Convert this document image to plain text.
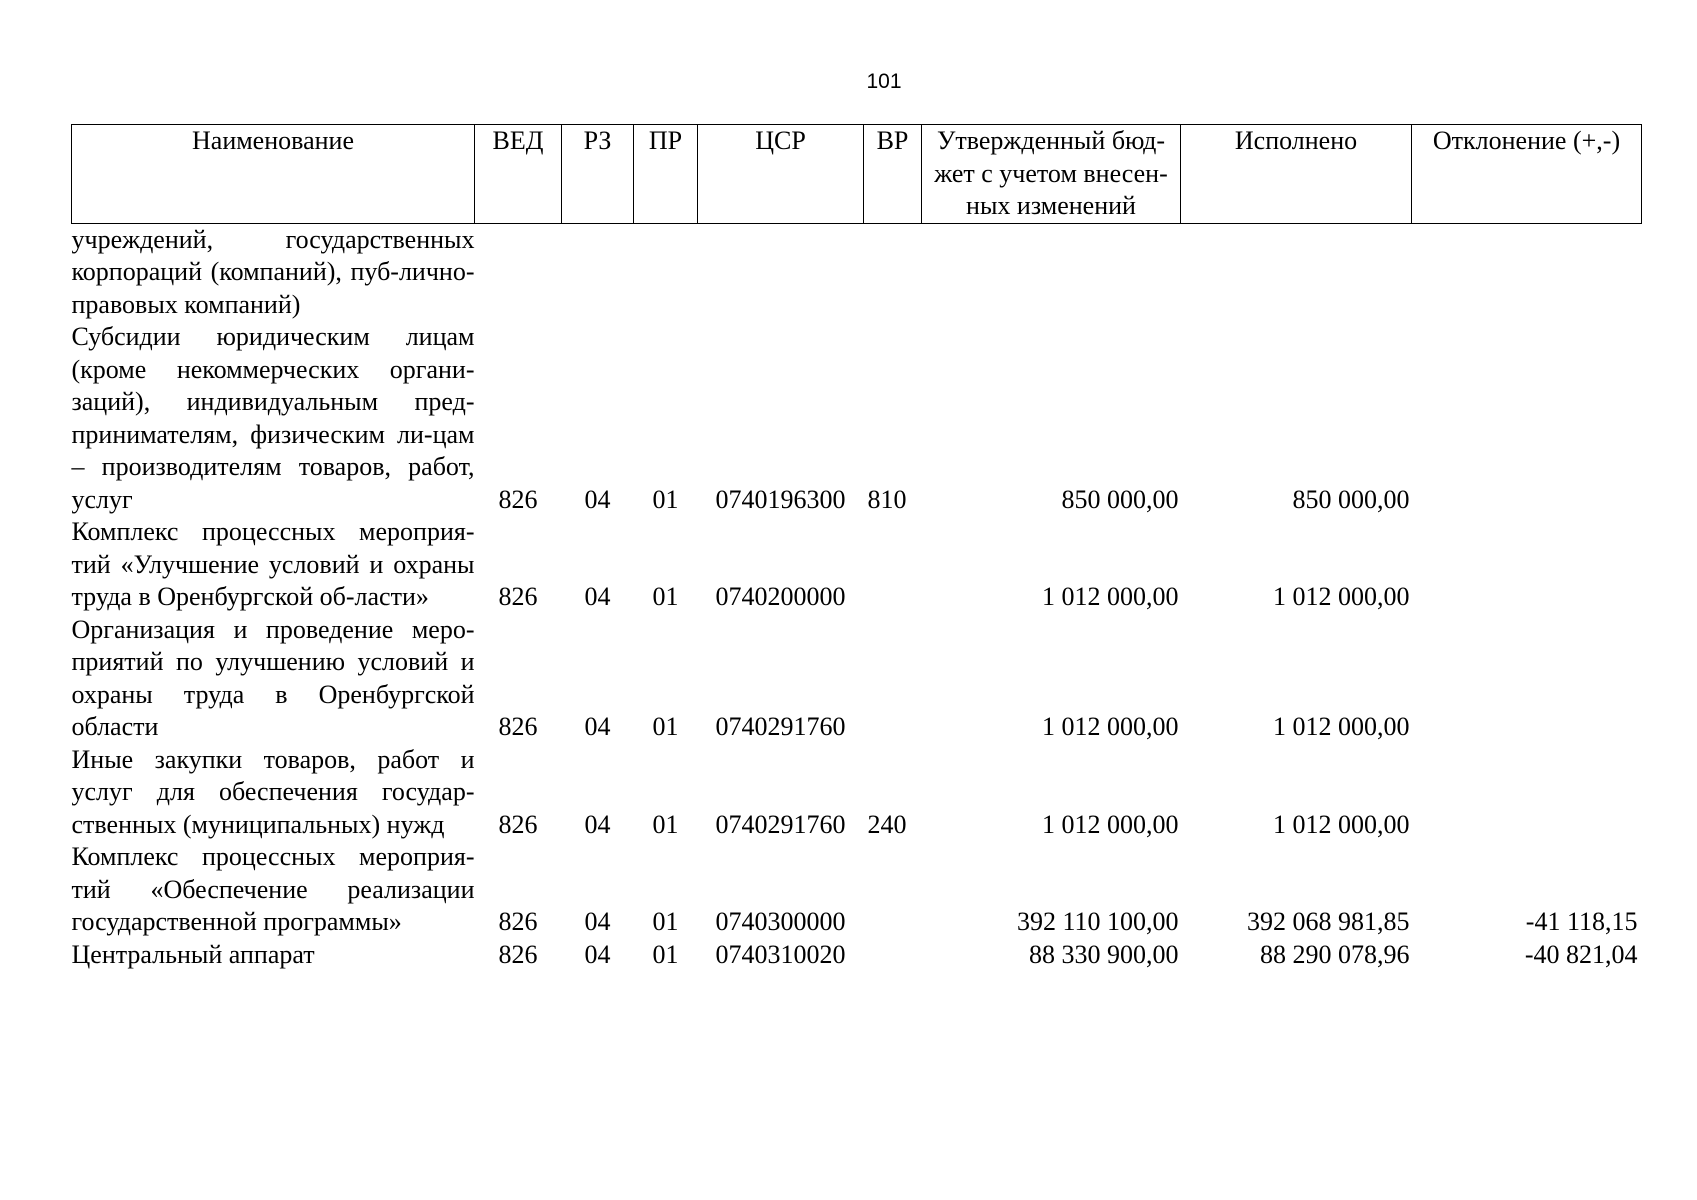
101
Наименование	ВЕД	РЗ	ПР	ЦСР	ВР	Утвержденный бюд-жет с учетом внесен-ных изменений	Исполнено	Отклонение (+,-)
учреждений, государственных корпораций (компаний), пуб-лично-правовых компаний)								
Субсидии юридическим лицам (кроме некоммерческих органи-заций), индивидуальным пред-принимателям, физическим ли-цам – производителям товаров, работ, услуг	826	04	01	0740196300	810	850 000,00	850 000,00	
Комплекс процессных мероприя-тий «Улучшение условий и охраны труда в Оренбургской об-ласти»	826	04	01	0740200000		1 012 000,00	1 012 000,00	
Организация и проведение меро-приятий по улучшению условий и охраны труда в Оренбургской области	826	04	01	0740291760		1 012 000,00	1 012 000,00	
Иные закупки товаров, работ и услуг для обеспечения государ-ственных (муниципальных) нужд	826	04	01	0740291760	240	1 012 000,00	1 012 000,00	
Комплекс процессных мероприя-тий «Обеспечение реализации государственной программы»	826	04	01	0740300000		392 110 100,00	392 068 981,85	-41 118,15
Центральный аппарат	826	04	01	0740310020		88 330 900,00	88 290 078,96	-40 821,04
